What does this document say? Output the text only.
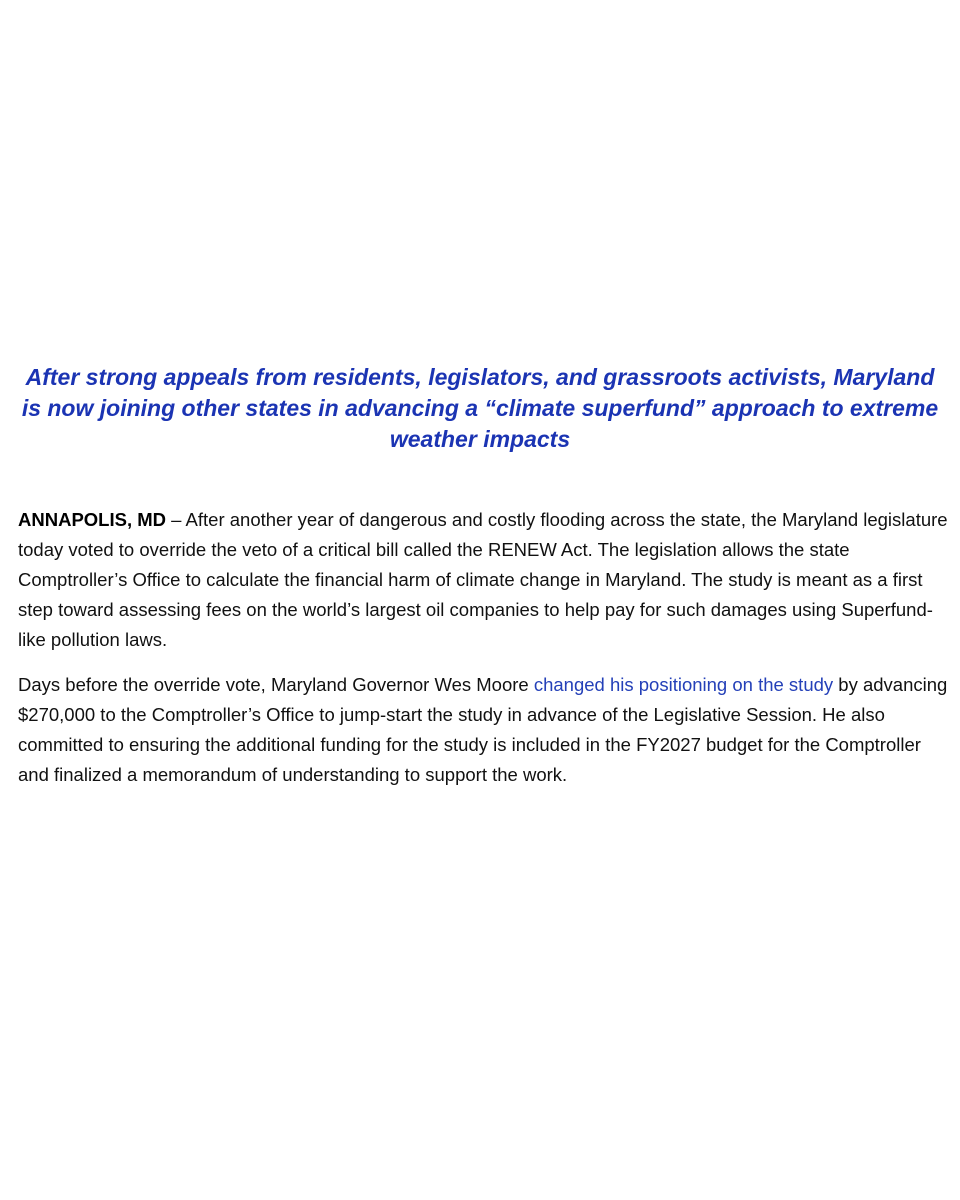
After strong appeals from residents, legislators, and grassroots activists, Maryland is now joining other states in advancing a “climate superfund” approach to extreme weather impacts

ANNAPOLIS, MD – After another year of dangerous and costly flooding across the state, the Maryland legislature today voted to override the veto of a critical bill called the RENEW Act. The legislation allows the state Comptroller’s Office to calculate the financial harm of climate change in Maryland. The study is meant as a first step toward assessing fees on the world’s largest oil companies to help pay for such damages using Superfund-like pollution laws.

Days before the override vote, Maryland Governor Wes Moore changed his positioning on the study by advancing $270,000 to the Comptroller’s Office to jump-start the study in advance of the Legislative Session. He also committed to ensuring the additional funding for the study is included in the FY2027 budget for the Comptroller and finalized a memorandum of understanding to support the work.
